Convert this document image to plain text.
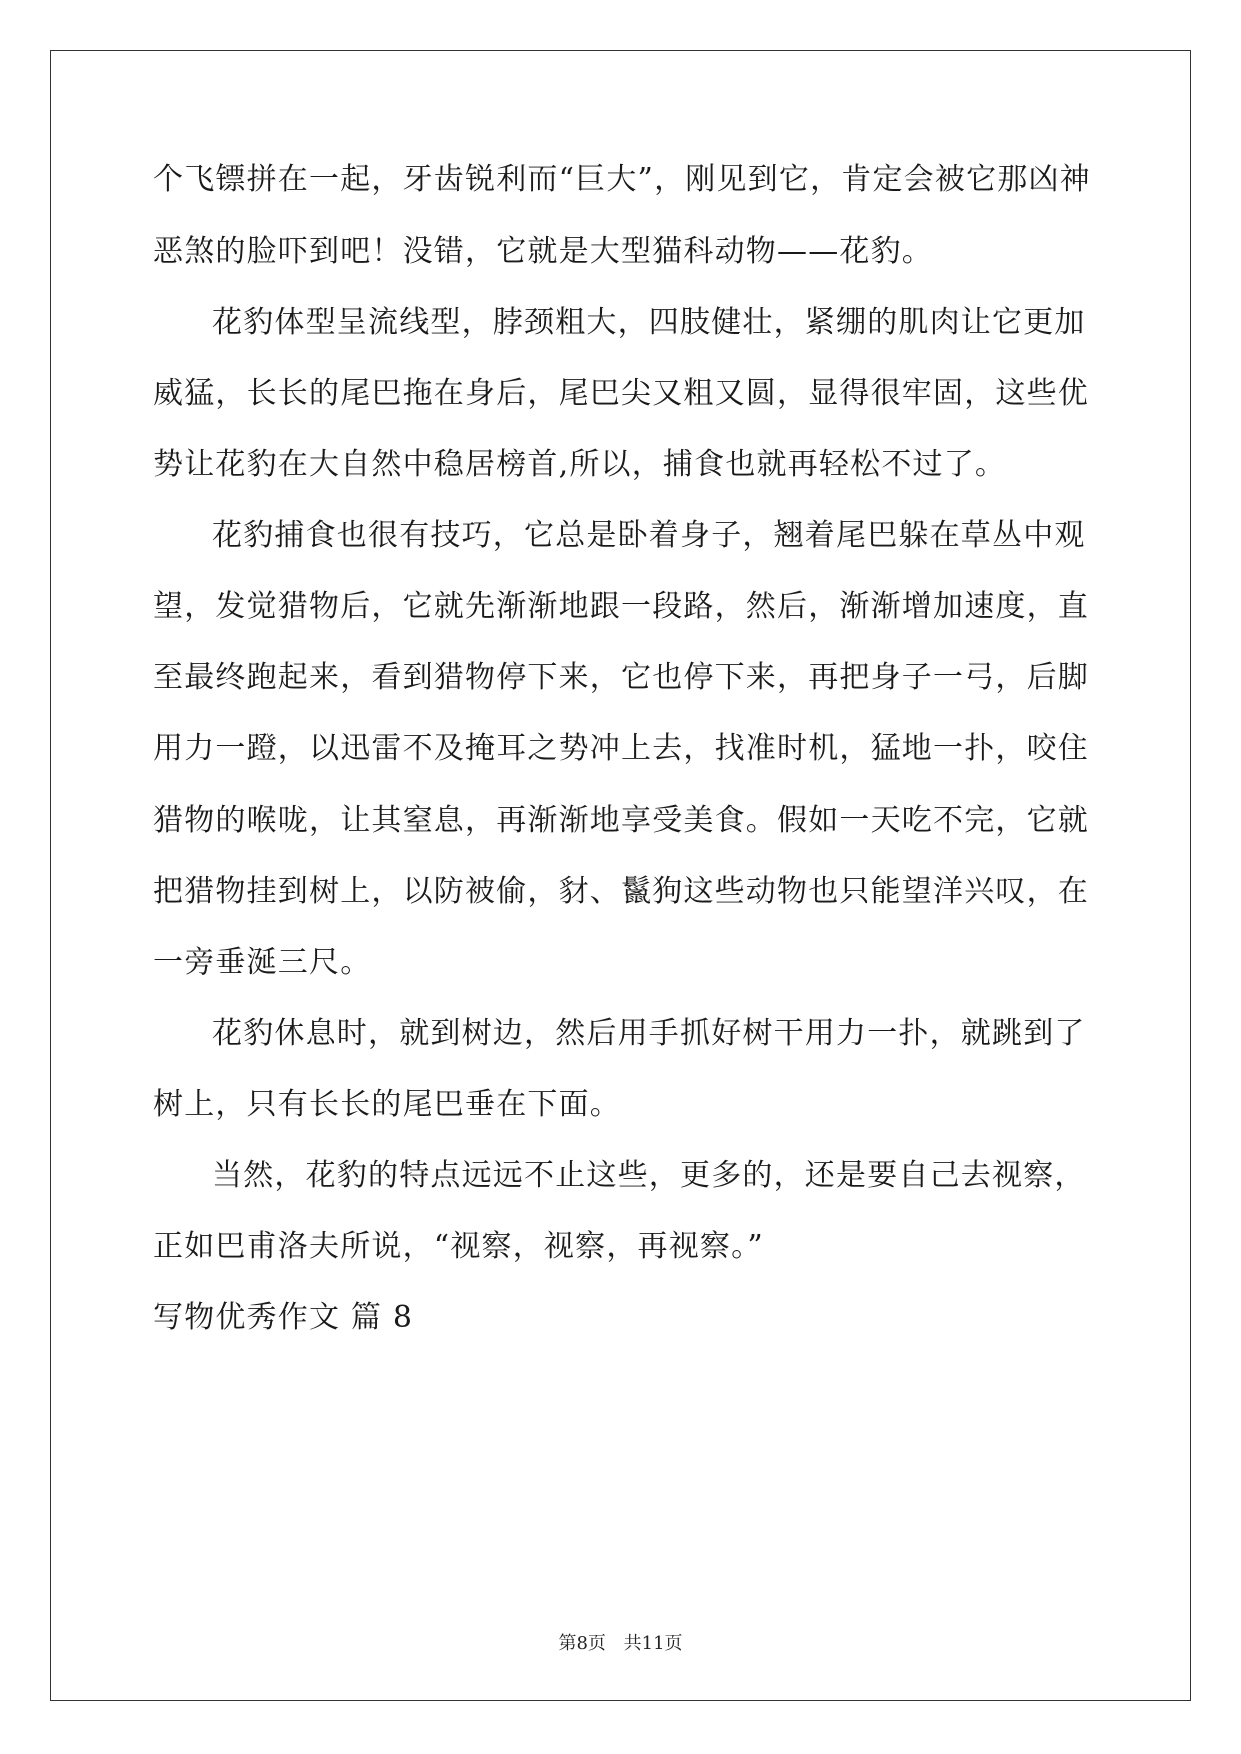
个飞镖拼在一起，牙齿锐利而“巨大”，刚见到它，肯定会被它那凶神
恶煞的脸吓到吧！没错，它就是大型猫科动物——花豹。
花豹体型呈流线型，脖颈粗大，四肢健壮，紧绷的肌肉让它更加
威猛，长长的尾巴拖在身后，尾巴尖又粗又圆，显得很牢固，这些优
势让花豹在大自然中稳居榜首,所以，捕食也就再轻松不过了。
花豹捕食也很有技巧，它总是卧着身子，翘着尾巴躲在草丛中观
望，发觉猎物后，它就先渐渐地跟一段路，然后，渐渐增加速度，直
至最终跑起来，看到猎物停下来，它也停下来，再把身子一弓，后脚
用力一蹬，以迅雷不及掩耳之势冲上去，找准时机，猛地一扑，咬住
猎物的喉咙，让其窒息，再渐渐地享受美食。假如一天吃不完，它就
把猎物挂到树上，以防被偷，豺、鬣狗这些动物也只能望洋兴叹，在
一旁垂涎三尺。
花豹休息时，就到树边，然后用手抓好树干用力一扑，就跳到了
树上，只有长长的尾巴垂在下面。
当然，花豹的特点远远不止这些，更多的，还是要自己去视察，
正如巴甫洛夫所说，“视察，视察，再视察。”
写物优秀作文 篇 8
第8页 共11页
